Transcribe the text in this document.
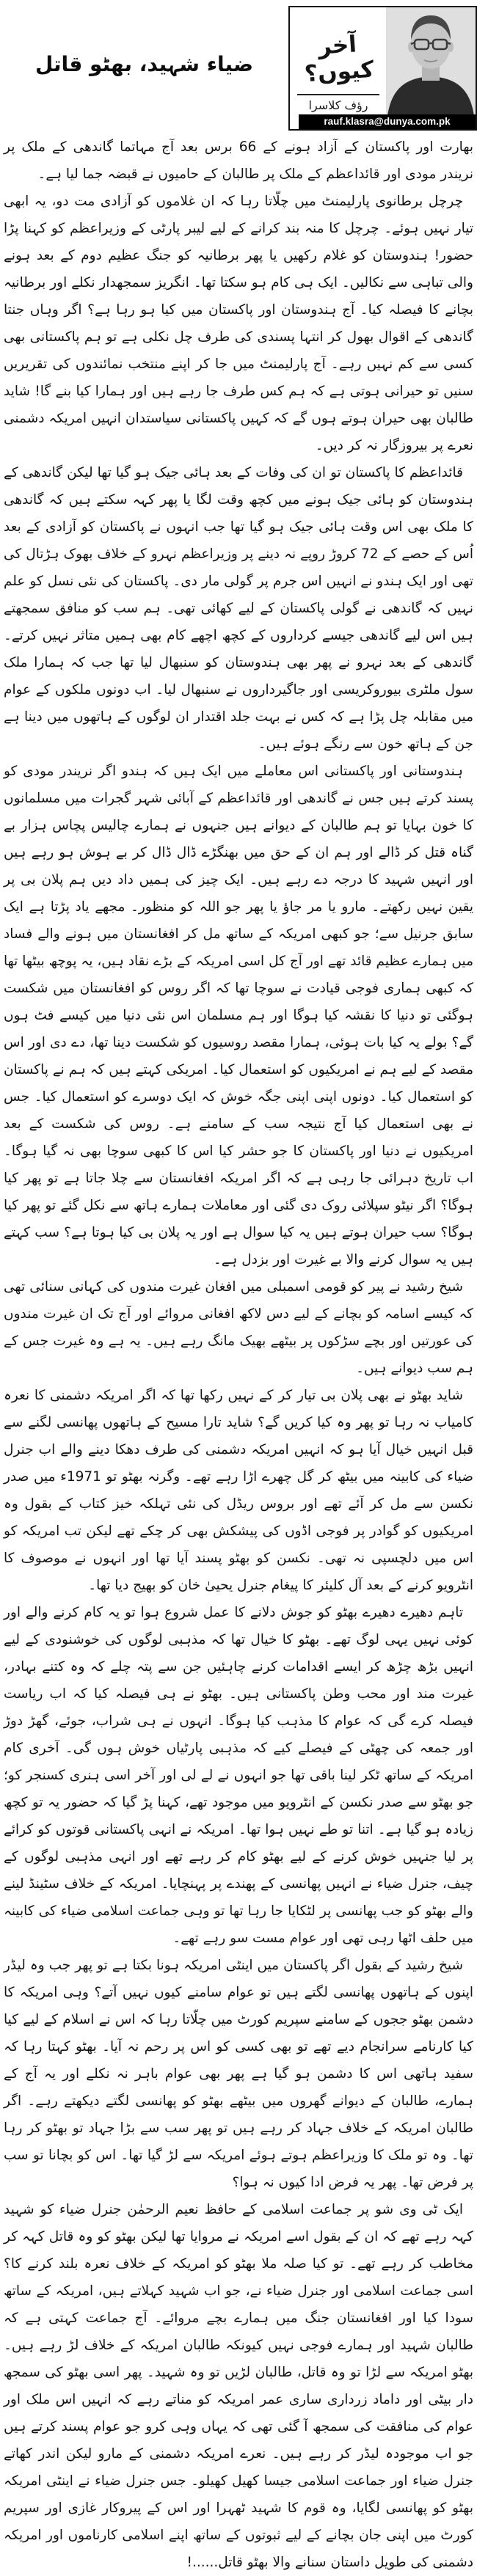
ضیاء شہید، بھٹو قاتل
آخر کیوں؟
رؤف کلاسرا
rauf.klasra@dunya.com.pk

بھارت اور پاکستان کے آزاد ہونے کے 66 برس بعد آج مہاتما گاندھی کے ملک پر نریندر مودی اور قائداعظم کے ملک پر طالبان کے حامیوں نے قبضہ جما لیا ہے۔

چرچل برطانوی پارلیمنٹ میں چلّاتا رہا کہ ان غلاموں کو آزادی مت دو، یہ ابھی تیار نہیں ہوئے۔ چرچل کا منہ بند کرانے کے لیے لیبر پارٹی کے وزیراعظم کو کہنا پڑا حضور! ہندوستان کو غلام رکھیں یا پھر برطانیہ کو جنگ عظیم دوم کے بعد ہونے والی تباہی سے نکالیں۔ ایک ہی کام ہو سکتا تھا۔ انگریز سمجھدار نکلے اور برطانیہ بچانے کا فیصلہ کیا۔ آج ہندوستان اور پاکستان میں کیا ہو رہا ہے؟ اگر وہاں جنتا گاندھی کے اقوال بھول کر انتہا پسندی کی طرف چل نکلی ہے تو ہم پاکستانی بھی کسی سے کم نہیں رہے۔ آج پارلیمنٹ میں جا کر اپنے منتخب نمائندوں کی تقریریں سنیں تو حیرانی ہوتی ہے کہ ہم کس طرف جا رہے ہیں اور ہمارا کیا بنے گا! شاید طالبان بھی حیران ہوتے ہوں گے کہ کہیں پاکستانی سیاستدان انہیں امریکہ دشمنی نعرے پر بیروزگار نہ کر دیں۔

قائداعظم کا پاکستان تو ان کی وفات کے بعد ہائی جیک ہو گیا تھا لیکن گاندھی کے ہندوستان کو ہائی جیک ہونے میں کچھ وقت لگا یا پھر کہہ سکتے ہیں کہ گاندھی کا ملک بھی اس وقت ہائی جیک ہو گیا تھا جب انہوں نے پاکستان کو آزادی کے بعد اُس کے حصے کے 72 کروڑ روپے نہ دینے پر وزیراعظم نہرو کے خلاف بھوک ہڑتال کی تھی اور ایک ہندو نے انہیں اس جرم پر گولی مار دی۔ پاکستان کی نئی نسل کو علم نہیں کہ گاندھی نے گولی پاکستان کے لیے کھائی تھی۔ ہم سب کو منافق سمجھتے ہیں اس لیے گاندھی جیسے کرداروں کے کچھ اچھے کام بھی ہمیں متاثر نہیں کرتے۔ گاندھی کے بعد نہرو نے پھر بھی ہندوستان کو سنبھال لیا تھا جب کہ ہمارا ملک سول ملٹری بیوروکریسی اور جاگیرداروں نے سنبھال لیا۔ اب دونوں ملکوں کے عوام میں مقابلہ چل پڑا ہے کہ کس نے بہت جلد اقتدار ان لوگوں کے ہاتھوں میں دینا ہے جن کے ہاتھ خون سے رنگے ہوئے ہیں۔

ہندوستانی اور پاکستانی اس معاملے میں ایک ہیں کہ ہندو اگر نریندر مودی کو پسند کرتے ہیں جس نے گاندھی اور قائداعظم کے آبائی شہر گجرات میں مسلمانوں کا خون بہایا تو ہم طالبان کے دیوانے ہیں جنہوں نے ہمارے چالیس پچاس ہزار بے گناہ قتل کر ڈالے اور ہم ان کے حق میں بھنگڑے ڈال ڈال کر بے ہوش ہو رہے ہیں اور انہیں شہید کا درجہ دے رہے ہیں۔ ایک چیز کی ہمیں داد دیں ہم پلان بی پر یقین نہیں رکھتے۔ مارو یا مر جاؤ یا پھر جو اللہ کو منظور۔ مجھے یاد پڑتا ہے ایک سابق جرنیل سے؛ جو کبھی امریکہ کے ساتھ مل کر افغانستان میں ہونے والے فساد میں ہمارے عظیم قائد تھے اور آج کل اسی امریکہ کے بڑے نقاد ہیں، یہ پوچھ بیٹھا تھا کہ کبھی ہماری فوجی قیادت نے سوچا تھا کہ اگر روس کو افغانستان میں شکست ہوگئی تو دنیا کا نقشہ کیا ہوگا اور ہم مسلمان اس نئی دنیا میں کیسے فٹ ہوں گے؟ بولے یہ کیا بات ہوئی، ہمارا مقصد روسیوں کو شکست دینا تھا، دے دی اور اس مقصد کے لیے ہم نے امریکیوں کو استعمال کیا۔ امریکی کہتے ہیں کہ ہم نے پاکستان کو استعمال کیا۔ دونوں اپنی اپنی جگہ خوش کہ ایک دوسرے کو استعمال کیا۔ جس نے بھی استعمال کیا آج نتیجہ سب کے سامنے ہے۔ روس کی شکست کے بعد امریکیوں نے دنیا اور پاکستان کا جو حشر کیا اس کا کبھی سوچا بھی نہ گیا ہوگا۔ اب تاریخ دہرائی جا رہی ہے کہ اگر امریکہ افغانستان سے چلا جاتا ہے تو پھر کیا ہوگا؟ اگر نیٹو سپلائی روک دی گئی اور معاملات ہمارے ہاتھ سے نکل گئے تو پھر کیا ہوگا؟ سب حیران ہوتے ہیں یہ کیا سوال ہے اور یہ پلان بی کیا ہوتا ہے؟ سب کہتے ہیں یہ سوال کرنے والا بے غیرت اور بزدل ہے۔

شیخ رشید نے پیر کو قومی اسمبلی میں افغان غیرت مندوں کی کہانی سنائی تھی کہ کیسے اسامہ کو بچانے کے لیے دس لاکھ افغانی مروائے اور آج تک ان غیرت مندوں کی عورتیں اور بچے سڑکوں پر بیٹھے بھیک مانگ رہے ہیں۔ یہ ہے وہ غیرت جس کے ہم سب دیوانے ہیں۔

شاید بھٹو نے بھی پلان بی تیار کر کے نہیں رکھا تھا کہ اگر امریکہ دشمنی کا نعرہ کامیاب نہ رہا تو پھر وہ کیا کریں گے؟ شاید تارا مسیح کے ہاتھوں پھانسی لگنے سے قبل انہیں خیال آیا ہو کہ انہیں امریکہ دشمنی کی طرف دھکا دینے والے اب جنرل ضیاء کی کابینہ میں بیٹھ کر گل چھرے اڑا رہے تھے۔ وگرنہ بھٹو تو 1971ء میں صدر نکسن سے مل کر آئے تھے اور بروس ریڈل کی نئی تہلکہ خیز کتاب کے بقول وہ امریکیوں کو گوادر پر فوجی اڈوں کی پیشکش بھی کر چکے تھے لیکن تب امریکہ کو اس میں دلچسپی نہ تھی۔ نکسن کو بھٹو پسند آیا تھا اور انہوں نے موصوف کا انٹرویو کرنے کے بعد آل کلیئر کا پیغام جنرل یحییٰ خان کو بھیج دیا تھا۔

تاہم دھیرے دھیرے بھٹو کو جوش دلانے کا عمل شروع ہوا تو یہ کام کرنے والے اور کوئی نہیں یہی لوگ تھے۔ بھٹو کا خیال تھا کہ مذہبی لوگوں کی خوشنودی کے لیے انہیں بڑھ چڑھ کر ایسے اقدامات کرنے چاہئیں جن سے پتہ چلے کہ وہ کتنے بہادر، غیرت مند اور محب وطن پاکستانی ہیں۔ بھٹو نے ہی فیصلہ کیا کہ اب ریاست فیصلہ کرے گی کہ عوام کا مذہب کیا ہوگا۔ انہوں نے ہی شراب، جوئے، گھڑ دوڑ اور جمعہ کی چھٹی کے فیصلے کیے کہ مذہبی پارٹیاں خوش ہوں گی۔ آخری کام امریکہ کے ساتھ ٹکر لینا باقی تھا جو انہوں نے لے لی اور آخر اسی ہنری کسنجر کو؛ جو بھٹو سے صدر نکسن کے انٹرویو میں موجود تھے، کہنا پڑ گیا کہ حضور یہ تو کچھ زیادہ ہو گیا ہے۔ اتنا تو طے نہیں ہوا تھا۔ امریکہ نے انہی پاکستانی قوتوں کو کرائے پر لیا جنہیں خوش کرنے کے لیے بھٹو کام کر رہے تھے اور انہی مذہبی لوگوں کے چیف، جنرل ضیاء نے انہیں پھانسی کے پھندے پر پہنچایا۔ امریکہ کے خلاف سٹینڈ لینے والے بھٹو کو جب پھانسی پر لٹکایا جا رہا تھا تو وہی جماعت اسلامی ضیاء کی کابینہ میں حلف اٹھا رہی تھی اور عوام مست سو رہے تھے۔

شیخ رشید کے بقول اگر پاکستان میں اینٹی امریکہ ہونا بکتا ہے تو پھر جب وہ لیڈر اپنوں کے ہاتھوں پھانسی لگتے ہیں تو عوام سامنے کیوں نہیں آتے؟ وہی امریکہ کا دشمن بھٹو ججوں کے سامنے سپریم کورٹ میں چلّاتا رہا کہ اس نے اسلام کے لیے کیا کیا کارنامے سرانجام دیے تھے تو بھی کسی کو اس پر رحم نہ آیا۔ بھٹو کہتا رہا کہ سفید ہاتھی اس کا دشمن ہو گیا ہے پھر بھی عوام باہر نہ نکلے اور یہ آج کے ہمارے، طالبان کے دیوانے گھروں میں بیٹھے بھٹو کو پھانسی لگتے دیکھتے رہے۔ اگر طالبان امریکہ کے خلاف جہاد کر رہے ہیں تو پھر سب سے بڑا جہاد تو بھٹو کر رہا تھا۔ وہ تو ملک کا وزیراعظم ہوتے ہوئے امریکہ سے لڑ گیا تھا۔ اس کو بچانا تو سب پر فرض تھا۔ پھر یہ فرض ادا کیوں نہ ہوا؟

ایک ٹی وی شو پر جماعت اسلامی کے حافظ نعیم الرحمٰن جنرل ضیاء کو شہید کہہ رہے تھے کہ ان کے بقول اسے امریکہ نے مروایا تھا لیکن بھٹو کو وہ قاتل کہہ کر مخاطب کر رہے تھے۔ تو کیا صلہ ملا بھٹو کو امریکہ کے خلاف نعرہ بلند کرنے کا؟ اسی جماعت اسلامی اور جنرل ضیاء نے، جو اب شہید کہلاتے ہیں، امریکہ کے ساتھ سودا کیا اور افغانستان جنگ میں ہمارے بچے مروائے۔ آج جماعت کہتی ہے کہ طالبان شہید اور ہمارے فوجی نہیں کیونکہ طالبان امریکہ کے خلاف لڑ رہے ہیں۔ بھٹو امریکہ سے لڑا تو وہ قاتل، طالبان لڑیں تو وہ شہید۔ پھر اسی بھٹو کی سمجھ دار بیٹی اور داماد زرداری ساری عمر امریکہ کو مناتے رہے کہ انہیں اس ملک اور عوام کی منافقت کی سمجھ آ گئی تھی کہ یہاں وہی کرو جو عوام پسند کرتے ہیں جو اب موجودہ لیڈر کر رہے ہیں۔ نعرے امریکہ دشمنی کے مارو لیکن اندر کھاتے جنرل ضیاء اور جماعت اسلامی جیسا کھیل کھیلو۔ جس جنرل ضیاء نے اینٹی امریکہ بھٹو کو پھانسی لگایا، وہ قوم کا شہید ٹھہرا اور اس کے پیروکار غازی اور سپریم کورٹ میں اپنی جان بچانے کے لیے ثبوتوں کے ساتھ اپنے اسلامی کارناموں اور امریکہ دشمنی کی طویل داستان سنانے والا بھٹو قاتل......!
